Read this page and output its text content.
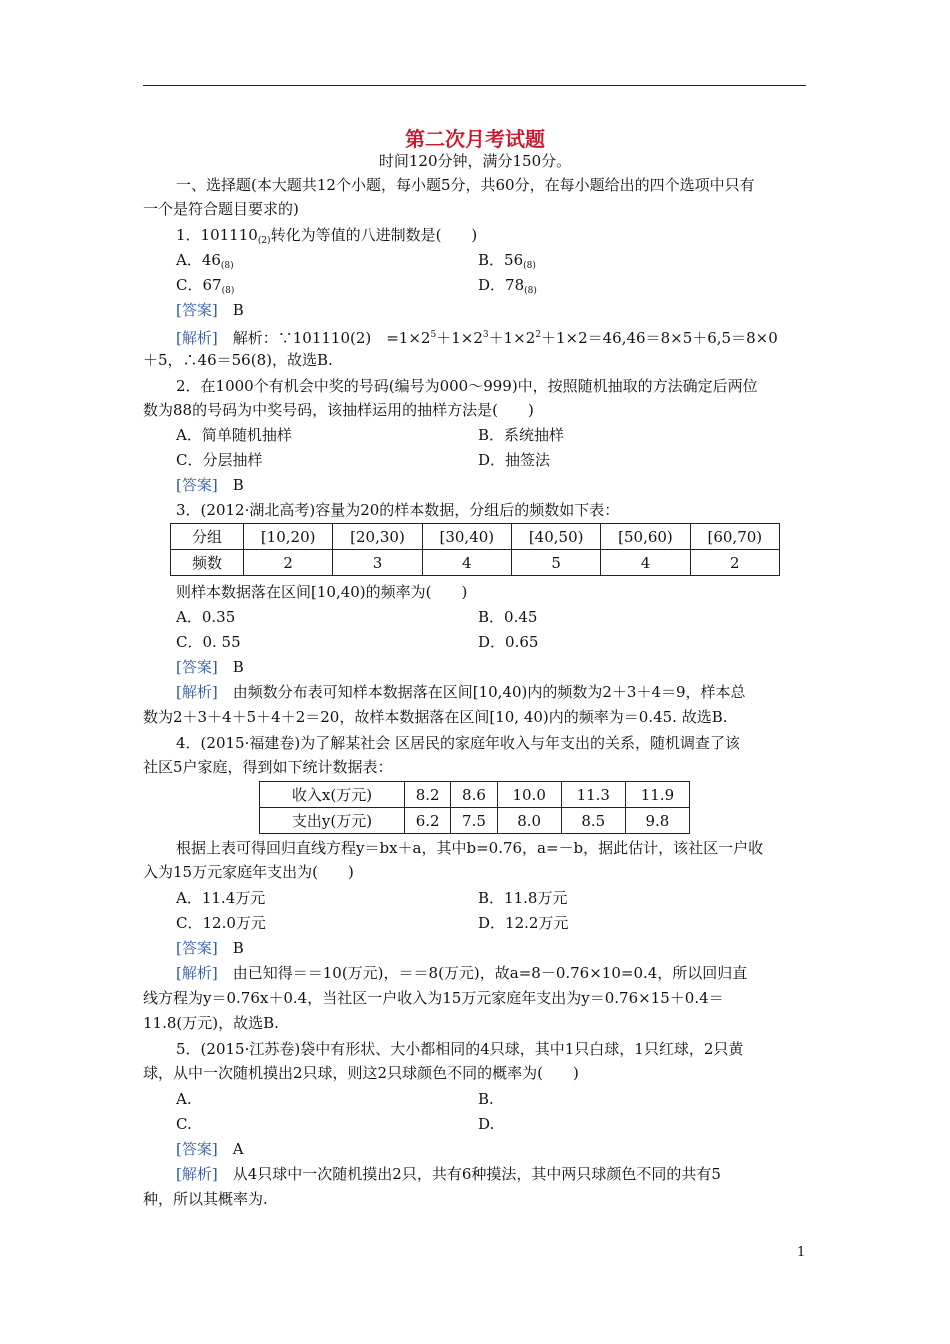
第二次月考试题
时间120分钟，满分150分。
一、选择题(本大题共12个小题，每小题5分，共60分，在每小题给出的四个选项中只有
一个是符合题目要求的)
1．$101110_{(2)}$转化为等值的八进制数是(　　)
A．$46_{(8)}$	B．$56_{(8)}$
C．$67_{(8)}$	D．$78_{(8)}$
[答案]　 B
[解析]　 解析：∵101110(2)　$=1\times 2^5+1\times 2^3+1\times 2^2+1\times 2=46,46=8\times 5+6,5=8\times 0$
＋5，∴46＝56(8)，故选B.
2．在1000个有机会中奖的号码(编号为000～999)中，按照随机抽取的方法确定后两位
数为88的号码为中奖号码，该抽样运用的抽样方法是(　　)
A．简单随机抽样	B．系统抽样
C．分层抽样	D．抽签法
[答案]　 B
3．(2012·湖北高考)容量为20的样本数据，分组后的频数如下表：
分组	[10,20)	[20,30)	[30,40)	[40,50)	[50,60)	[60,70)
频数	2	3	4	5	4	2
则样本数据落在区间[10,40)的频率为(　　)
A．0.35	B．0.45
C．0. 55	D．0.65
[答案]　 B
[解析]　 由频数分布表可知样本数据落在区间[10,40)内的频数为2＋3＋4＝9，样本总
数为2＋3＋4＋5＋4＋2＝20，故样本数据落在区间[10, 40)内的频率为＝0.45. 故选B.
4．(2015·福建卷)为了解某社会 区居民的家庭年收入与年支出的关系，随机调查了该
社区5户家庭，得到如下统计数据表：
收入x(万元)	8.2	8.6	10.0	11.3	11.9
支出y(万元)	6.2	7.5	8.0	8.5	9.8
根据上表可得回归直线方程y＝bx＋a，其中b=0.76，a=－b，据此估计，该社区一户收
入为15万元家庭年支出为(　　)
A．11.4万元	B．11.8万元
C．12.0万元	D．12.2万元
[答案]　 B
[解析]　 由已知得＝＝10(万元)，＝＝8(万元)，故a=8－0.76×10=0.4，所以回归直
线方程为y＝0.76x＋0.4，当社区一户收入为15万元家庭年支出为y＝0.76×15＋0.4＝
11.8(万元)，故选B.
5．(2015·江苏卷)袋中有形状、大小都相同的4只球，其中1只白球，1只红球，2只黄
球，从中一次随机摸出2只球，则这2只球颜色不同的概率为(　　)
A.	B.
C.	D.
[答案]　 A
[解析]　 从4只球中一次随机摸出2只，共有6种摸法，其中两只球颜色不同的共有5
种，所以其概率为.
1
